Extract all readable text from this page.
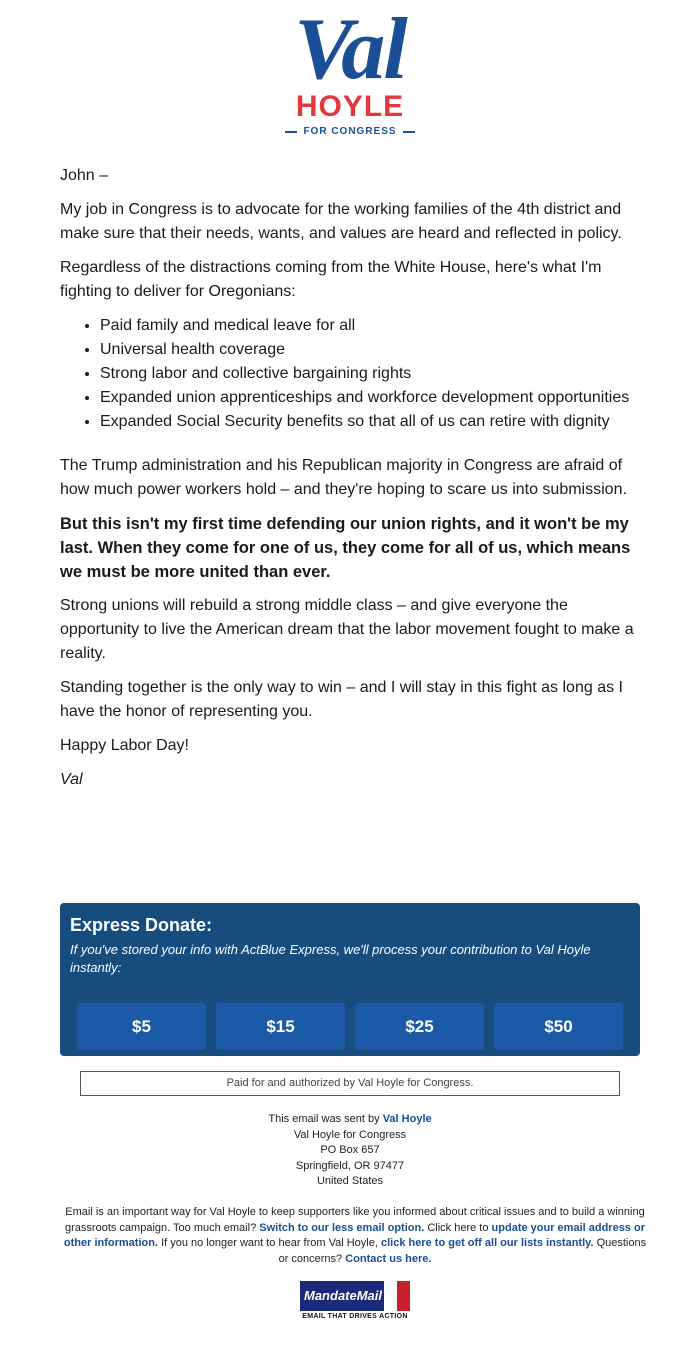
Val
HOYLE
FOR CONGRESS

John –

My job in Congress is to advocate for the working families of the 4th district and make sure that their needs, wants, and values are heard and reflected in policy.

Regardless of the distractions coming from the White House, here's what I'm fighting to deliver for Oregonians:

• Paid family and medical leave for all
• Universal health coverage
• Strong labor and collective bargaining rights
• Expanded union apprenticeships and workforce development opportunities
• Expanded Social Security benefits so that all of us can retire with dignity

The Trump administration and his Republican majority in Congress are afraid of how much power workers hold – and they're hoping to scare us into submission.

But this isn't my first time defending our union rights, and it won't be my last. When they come for one of us, they come for all of us, which means we must be more united than ever.

Strong unions will rebuild a strong middle class – and give everyone the opportunity to live the American dream that the labor movement fought to make a reality.

Standing together is the only way to win – and I will stay in this fight as long as I have the honor of representing you.

Happy Labor Day!

Val

Express Donate:
If you've stored your info with ActBlue Express, we'll process your contribution to Val Hoyle instantly:
$5	$15	$25	$50
Paid for and authorized by Val Hoyle for Congress.
This email was sent by Val Hoyle
Val Hoyle for Congress
PO Box 657
Springfield, OR 97477
United States
Email is an important way for Val Hoyle to keep supporters like you informed about critical issues and to build a winning grassroots campaign. Too much email? Switch to our less email option. Click here to update your email address or other information. If you no longer want to hear from Val Hoyle, click here to get off all our lists instantly. Questions or concerns? Contact us here.
MandateMail
EMAIL THAT DRIVES ACTION
